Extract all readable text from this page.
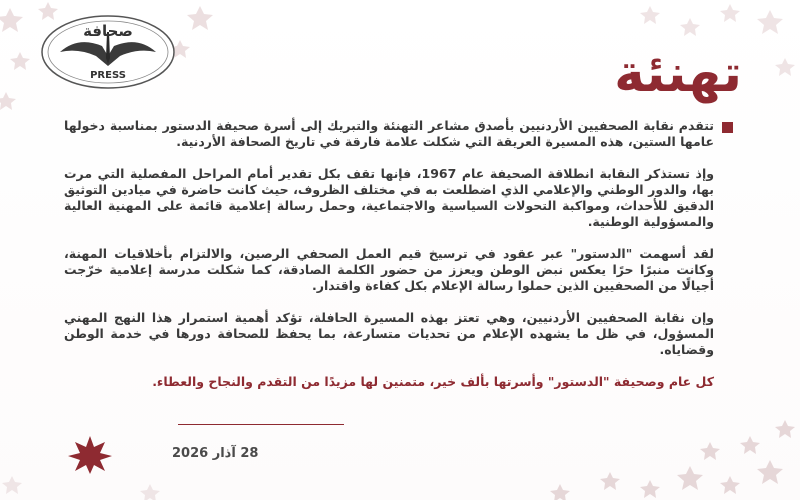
صحافة
PRESS	تهنئة

تتقدم نقابة الصحفيين الأردنيين بأصدق مشاعر التهنئة والتبريك إلى أسرة صحيفة الدستور بمناسبة دخولها عامها الستين، هذه المسيرة العريقة التي شكلت علامة فارقة في تاريخ الصحافة الأردنية.

وإذ تستذكر النقابة انطلاقة الصحيفة عام 1967، فإنها تقف بكل تقدير أمام المراحل المفصلية التي مرت بها، والدور الوطني والإعلامي الذي اضطلعت به في مختلف الظروف، حيث كانت حاضرة في ميادين التوثيق الدقيق للأحداث، ومواكبة التحولات السياسية والاجتماعية، وحمل رسالة إعلامية قائمة على المهنية العالية والمسؤولية الوطنية.

لقد أسهمت "الدستور" عبر عقود في ترسيخ قيم العمل الصحفي الرصين، والالتزام بأخلاقيات المهنة، وكانت منبرًا حرًا يعكس نبض الوطن ويعزز من حضور الكلمة الصادقة، كما شكلت مدرسة إعلامية خرّجت أجيالًا من الصحفيين الذين حملوا رسالة الإعلام بكل كفاءة واقتدار.

وإن نقابة الصحفيين الأردنيين، وهي تعتز بهذه المسيرة الحافلة، تؤكد أهمية استمرار هذا النهج المهني المسؤول، في ظل ما يشهده الإعلام من تحديات متسارعة، بما يحفظ للصحافة دورها في خدمة الوطن وقضاياه.

كل عام وصحيفة "الدستور" وأسرتها بألف خير، متمنين لها مزيدًا من التقدم والنجاح والعطاء.

28 آذار 2026
